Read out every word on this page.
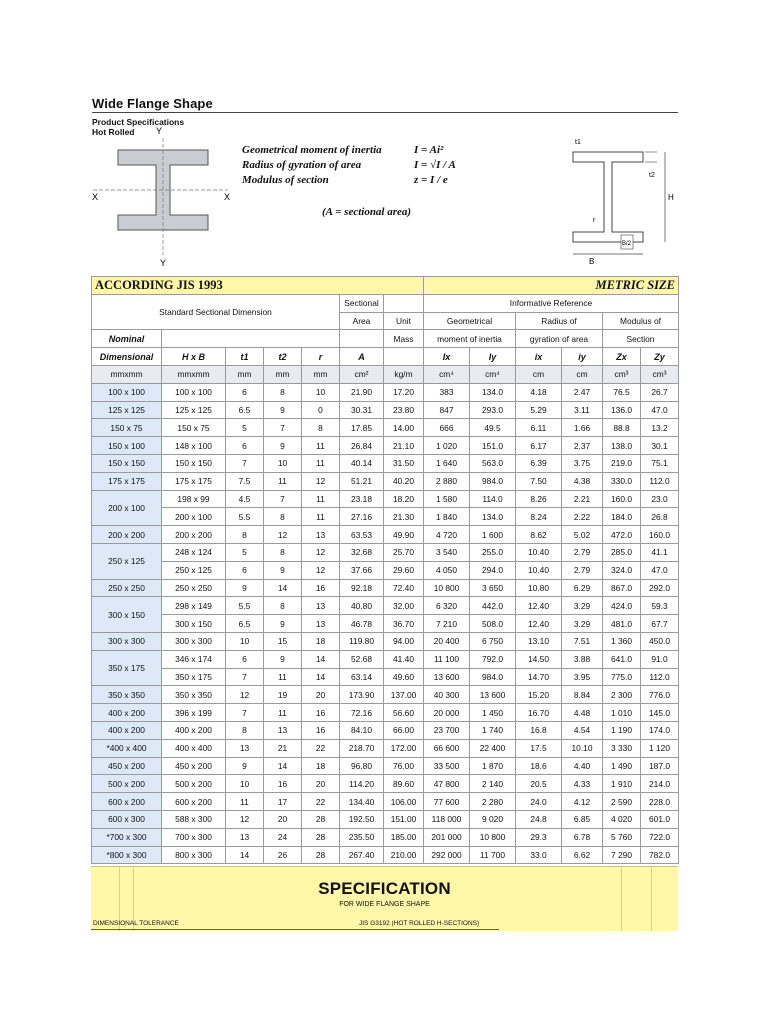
Wide Flange Shape
Product Specifications
Hot Rolled	Y
X	X
Y
Geometrical moment of inertia	I = Ai²
Radius of gyration of area	I = √I / A
Modulus of section	z = I / e
(A = sectional area)
B
H
t1
t2
r
B/2
ACCORDING JIS 1993							METRIC SIZE					
Standard Sectional Dimension					Sectional		Informative Reference					
					Area	Unit	Geometrical		Radius of		Modulus of	
Nominal						Mass	moment of inertia		gyration of area		Section	
Dimensional	H x B	t1	t2	r	A		Ix	Iy	ix	iy	Zx	Zy
mmxmm	mmxmm	mm	mm	mm	cm²	kg/m	cm⁴	cm⁴	cm	cm	cm³	cm³
100 x 100	100 x 100	6	8	10	21.90	17.20	383	134.0	4.18	2.47	76.5	26.7
125 x 125	125 x 125	6.5	9	0	30.31	23.80	847	293.0	5.29	3.11	136.0	47.0
150 x 75	150 x 75	5	7	8	17.85	14.00	666	49.5	6.11	1.66	88.8	13.2
150 x 100	148 x 100	6	9	11	26.84	21.10	1 020	151.0	6.17	2.37	138.0	30.1
150 x 150	150 x 150	7	10	11	40.14	31.50	1 640	563.0	6.39	3.75	219.0	75.1
175 x 175	175 x 175	7.5	11	12	51.21	40.20	2 880	984.0	7.50	4.38	330.0	112.0
200 x 100	198 x 99	4.5	7	11	23.18	18.20	1 580	114.0	8.26	2.21	160.0	23.0
	200 x 100	5.5	8	11	27.16	21.30	1 840	134.0	8.24	2.22	184.0	26.8
200 x 200	200 x 200	8	12	13	63.53	49.90	4 720	1 600	8.62	5.02	472.0	160.0
250 x 125	248 x 124	5	8	12	32.68	25.70	3 540	255.0	10.40	2.79	285.0	41.1
	250 x 125	6	9	12	37.66	29.60	4 050	294.0	10.40	2.79	324.0	47.0
250 x 250	250 x 250	9	14	16	92.18	72.40	10 800	3 650	10.80	6.29	867.0	292.0
300 x 150	298 x 149	5.5	8	13	40.80	32.00	6 320	442.0	12.40	3.29	424.0	59.3
	300 x 150	6.5	9	13	46.78	36.70	7 210	508.0	12.40	3.29	481.0	67.7
300 x 300	300 x 300	10	15	18	119.80	94.00	20 400	6 750	13.10	7.51	1 360	450.0
350 x 175	346 x 174	6	9	14	52.68	41.40	11 100	792.0	14.50	3.88	641.0	91.0
	350 x 175	7	11	14	63.14	49.60	13 600	984.0	14.70	3.95	775.0	112.0
350 x 350	350 x 350	12	19	20	173.90	137.00	40 300	13 600	15.20	8.84	2 300	776.0
400 x 200	396 x 199	7	11	16	72.16	56.60	20 000	1 450	16.70	4.48	1 010	145.0
400 x 200	400 x 200	8	13	16	84.10	66.00	23 700	1 740	16.8	4.54	1 190	174.0
*400 x 400	400 x 400	13	21	22	218.70	172.00	66 600	22 400	17.5	10.10	3 330	1 120
450 x 200	450 x 200	9	14	18	96.80	76.00	33 500	1 870	18.6	4.40	1 490	187.0
500 x 200	500 x 200	10	16	20	114.20	89.60	47 800	2 140	20.5	4.33	1 910	214.0
600 x 200	600 x 200	11	17	22	134.40	106.00	77 600	2 280	24.0	4.12	2 590	228.0
600 x 300	588 x 300	12	20	28	192.50	151.00	118 000	9 020	24.8	6.85	4 020	601.0
*700 x 300	700 x 300	13	24	28	235.50	185.00	201 000	10 800	29.3	6.78	5 760	722.0
*800 x 300	800 x 300	14	26	28	267.40	210.00	292 000	11 700	33.0	6.62	7 290	782.0

SPECIFICATION
FOR WIDE FLANGE SHAPE
DIMENSIONAL TOLERANCE	JIS G3192 (HOT ROLLED H-SECTIONS)
